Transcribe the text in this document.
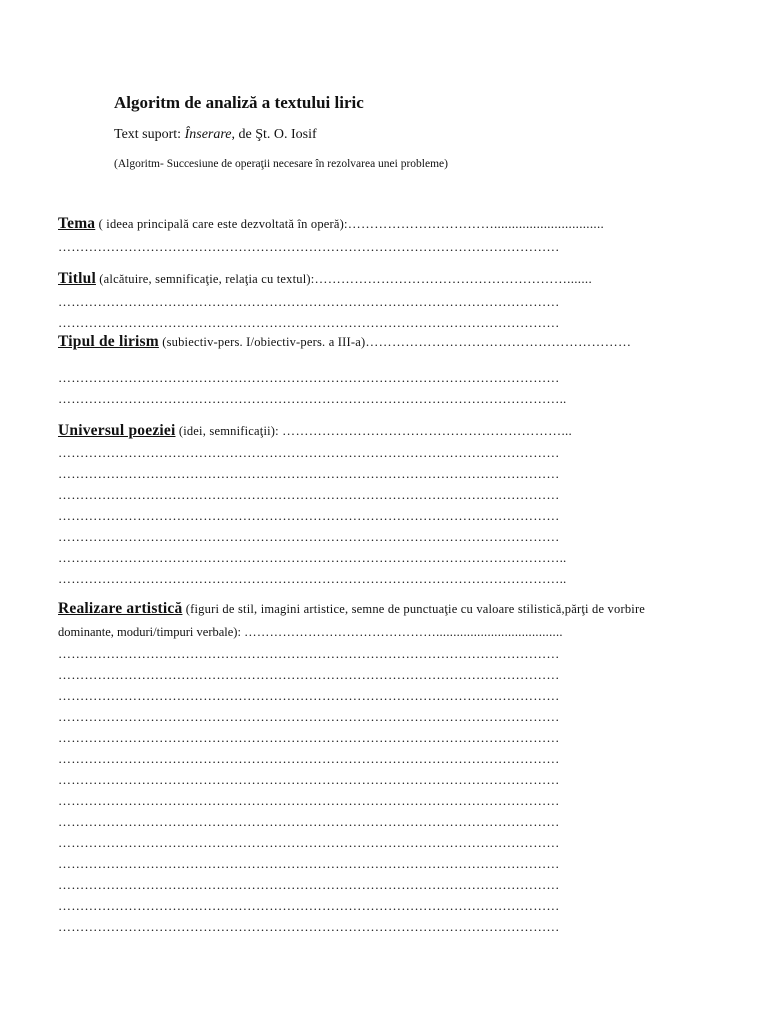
Algoritm de analiză a textului liric
Text suport: Înserare, de Şt. O. Iosif
(Algoritm- Succesiune de operaţii necesare în rezolvarea unei probleme)
Tema ( ideea principală care este dezvoltată în operă):……………………………...............................
……………………………………………………………………………………………………
Titlul (alcătuire, semnificaţie, relaţia cu textul):………………………………………………….......
……………………………………………………………………………………………………
……………………………………………………………………………………………………
Tipul de lirism (subiectiv-pers. I/obiectiv-pers. a III-a)……………………………………………………
……………………………………………………………………………………………………
……………………………………………………………………………………………………..
Universul poeziei (idei, semnificaţii): ………………………………………………………...
……………………………………………………………………………………………………
……………………………………………………………………………………………………
……………………………………………………………………………………………………
……………………………………………………………………………………………………
……………………………………………………………………………………………………
……………………………………………………………………………………………………..
……………………………………………………………………………………………………..
Realizare artistică (figuri de stil, imagini artistice, semne de punctuaţie cu valoare stilistică,părţi de vorbire
dominante, moduri/timpuri verbale): ……………………………………….....................................
……………………………………………………………………………………………………
……………………………………………………………………………………………………
……………………………………………………………………………………………………
……………………………………………………………………………………………………
……………………………………………………………………………………………………
……………………………………………………………………………………………………
……………………………………………………………………………………………………
……………………………………………………………………………………………………
……………………………………………………………………………………………………
……………………………………………………………………………………………………
……………………………………………………………………………………………………
……………………………………………………………………………………………………
……………………………………………………………………………………………………
……………………………………………………………………………………………………
